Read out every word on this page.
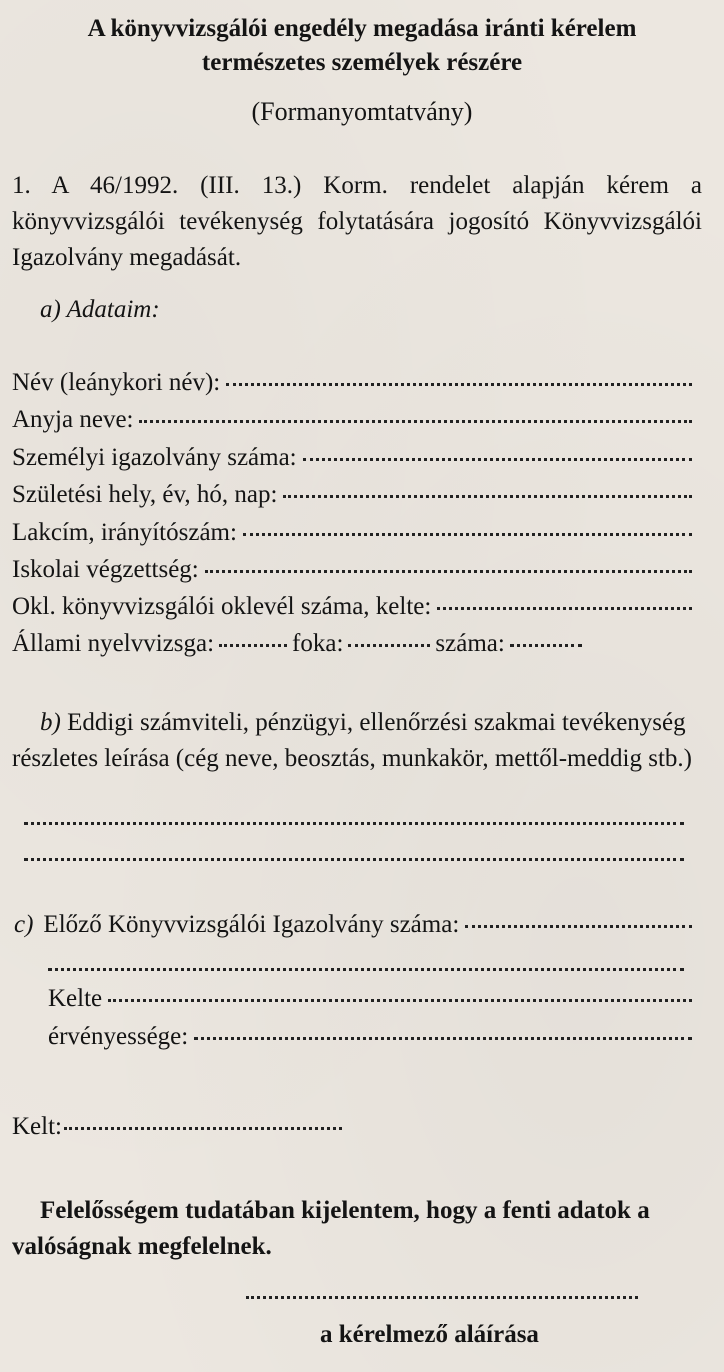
A könyvvizsgálói engedély megadása iránti kérelem
természetes személyek részére
(Formanyomtatvány)
1. A 46/1992. (III. 13.) Korm. rendelet alapján kérem a könyvvizsgálói tevékenység folytatására jogosító Könyvvizsgálói Igazolvány megadását.
a) Adataim:
Név (leánykori név):
Anyja neve:
Személyi igazolvány száma:
Születési hely, év, hó, nap:
Lakcím, irányítószám:
Iskolai végzettség:
Okl. könyvvizsgálói oklevél száma, kelte:
Állami nyelvvizsga:	foka:	száma:
b) Eddigi számviteli, pénzügyi, ellenőrzési szakmai tevékenység részletes leírása (cég neve, beosztás, munkakör, mettől-meddig stb.)
c) Előző Könyvvizsgálói Igazolvány száma:
Kelte
érvényessége:
Kelt:
Felelősségem tudatában kijelentem, hogy a fenti adatok a valóságnak megfelelnek.
a kérelmező aláírása
